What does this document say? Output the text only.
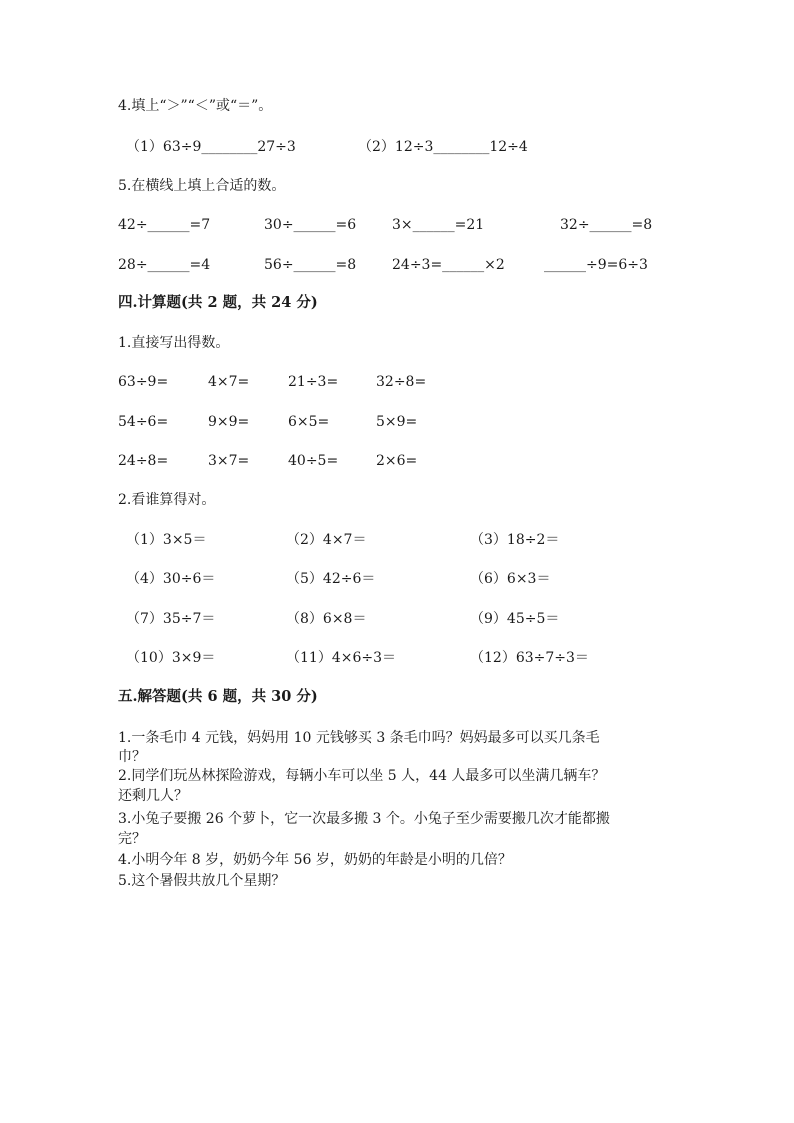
4.填上“＞”“＜”或“＝”。
（1）63÷9________27÷3	（2）12÷3________12÷4
5.在横线上填上合适的数。
42÷______=7	30÷______=6	3×______=21	32÷______=8
28÷______=4	56÷______=8	24÷3=______×2	______÷9=6÷3
四.计算题(共 2 题，共 24 分)
1.直接写出得数。
63÷9=	4×7=	21÷3=	32÷8=
54÷6=	9×9=	6×5=	5×9=
24÷8=	3×7=	40÷5=	2×6=
2.看谁算得对。
（1）3×5＝	（2）4×7＝	（3）18÷2＝
（4）30÷6＝	（5）42÷6＝	（6）6×3＝
（7）35÷7＝	（8）6×8＝	（9）45÷5＝
（10）3×9＝	（11）4×6÷3＝	（12）63÷7÷3＝
五.解答题(共 6 题，共 30 分)
1.一条毛巾 4 元钱，妈妈用 10 元钱够买 3 条毛巾吗？妈妈最多可以买几条毛
巾？
2.同学们玩丛林探险游戏，每辆小车可以坐 5 人，44 人最多可以坐满几辆车？
还剩几人？
3.小兔子要搬 26 个萝卜，它一次最多搬 3 个。小兔子至少需要搬几次才能都搬
完？
4.小明今年 8 岁，奶奶今年 56 岁，奶奶的年龄是小明的几倍？
5.这个暑假共放几个星期？
